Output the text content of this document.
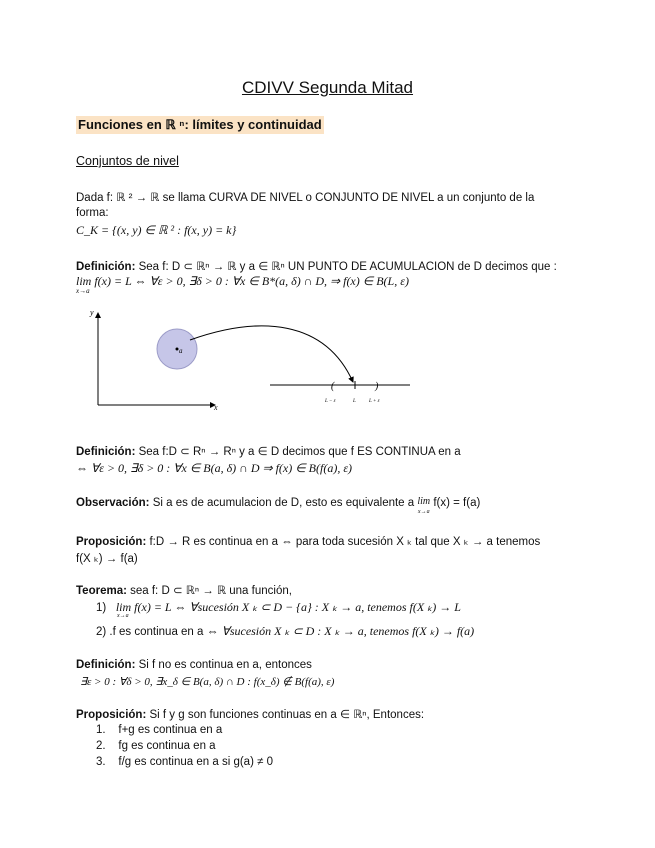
CDIVV Segunda Mitad
Funciones en ℝ ⁿ: límites y continuidad
Conjuntos de nivel
Dada f: ℝ ² → ℝ se llama CURVA DE NIVEL o CONJUNTO DE NIVEL a un conjunto de la
forma:
C_K = {(x, y) ∈ ℝ ² : f(x, y) = k}
Definición: Sea f: D ⊂ ℝⁿ → ℝ y a ∈ ℝⁿ UN PUNTO DE ACUMULACION de D decimos que :
lim f(x) = L ⇔ ∀ε > 0, ∃δ > 0 : ∀x ∈ B*(a, δ) ∩ D, ⇒ f(x) ∈ B(L, ε)
x→a
y
x
a
(	)
L − ε	L	L + ε
Definición: Sea f:D ⊂ Rⁿ → Rⁿ y a ∈ D decimos que f ES CONTINUA en a
⇔ ∀ε > 0, ∃δ > 0 : ∀x ∈ B(a, δ) ∩ D ⇒ f(x) ∈ B(f(a), ε)
Observación: Si a es de acumulacion de D, esto es equivalente a lim
x→a f(x) = f(a)
Proposición: f:D → R es continua en a ⇔ para toda sucesión X ₖ tal que X ₖ → a tenemos
f(X ₖ) → f(a)
Teorema: sea f: D ⊂ ℝⁿ → ℝ una función,
1) lim f(x) = L ⇔ ∀sucesión X ₖ ⊂ D − {a} : X ₖ → a, tenemos f(X ₖ) → L
x→a
2) .f es continua en a ⇔ ∀sucesión X ₖ ⊂ D : X ₖ → a, tenemos f(X ₖ) → f(a)
Definición: Si f no es continua en a, entonces
∃ε > 0 : ∀δ > 0, ∃x_δ ∈ B(a, δ) ∩ D : f(x_δ) ∉ B(f(a), ε)
Proposición: Si f y g son funciones continuas en a ∈ ℝⁿ, Entonces:
1. f+g es continua en a
2. fg es continua en a
3. f/g es continua en a si g(a) ≠ 0
